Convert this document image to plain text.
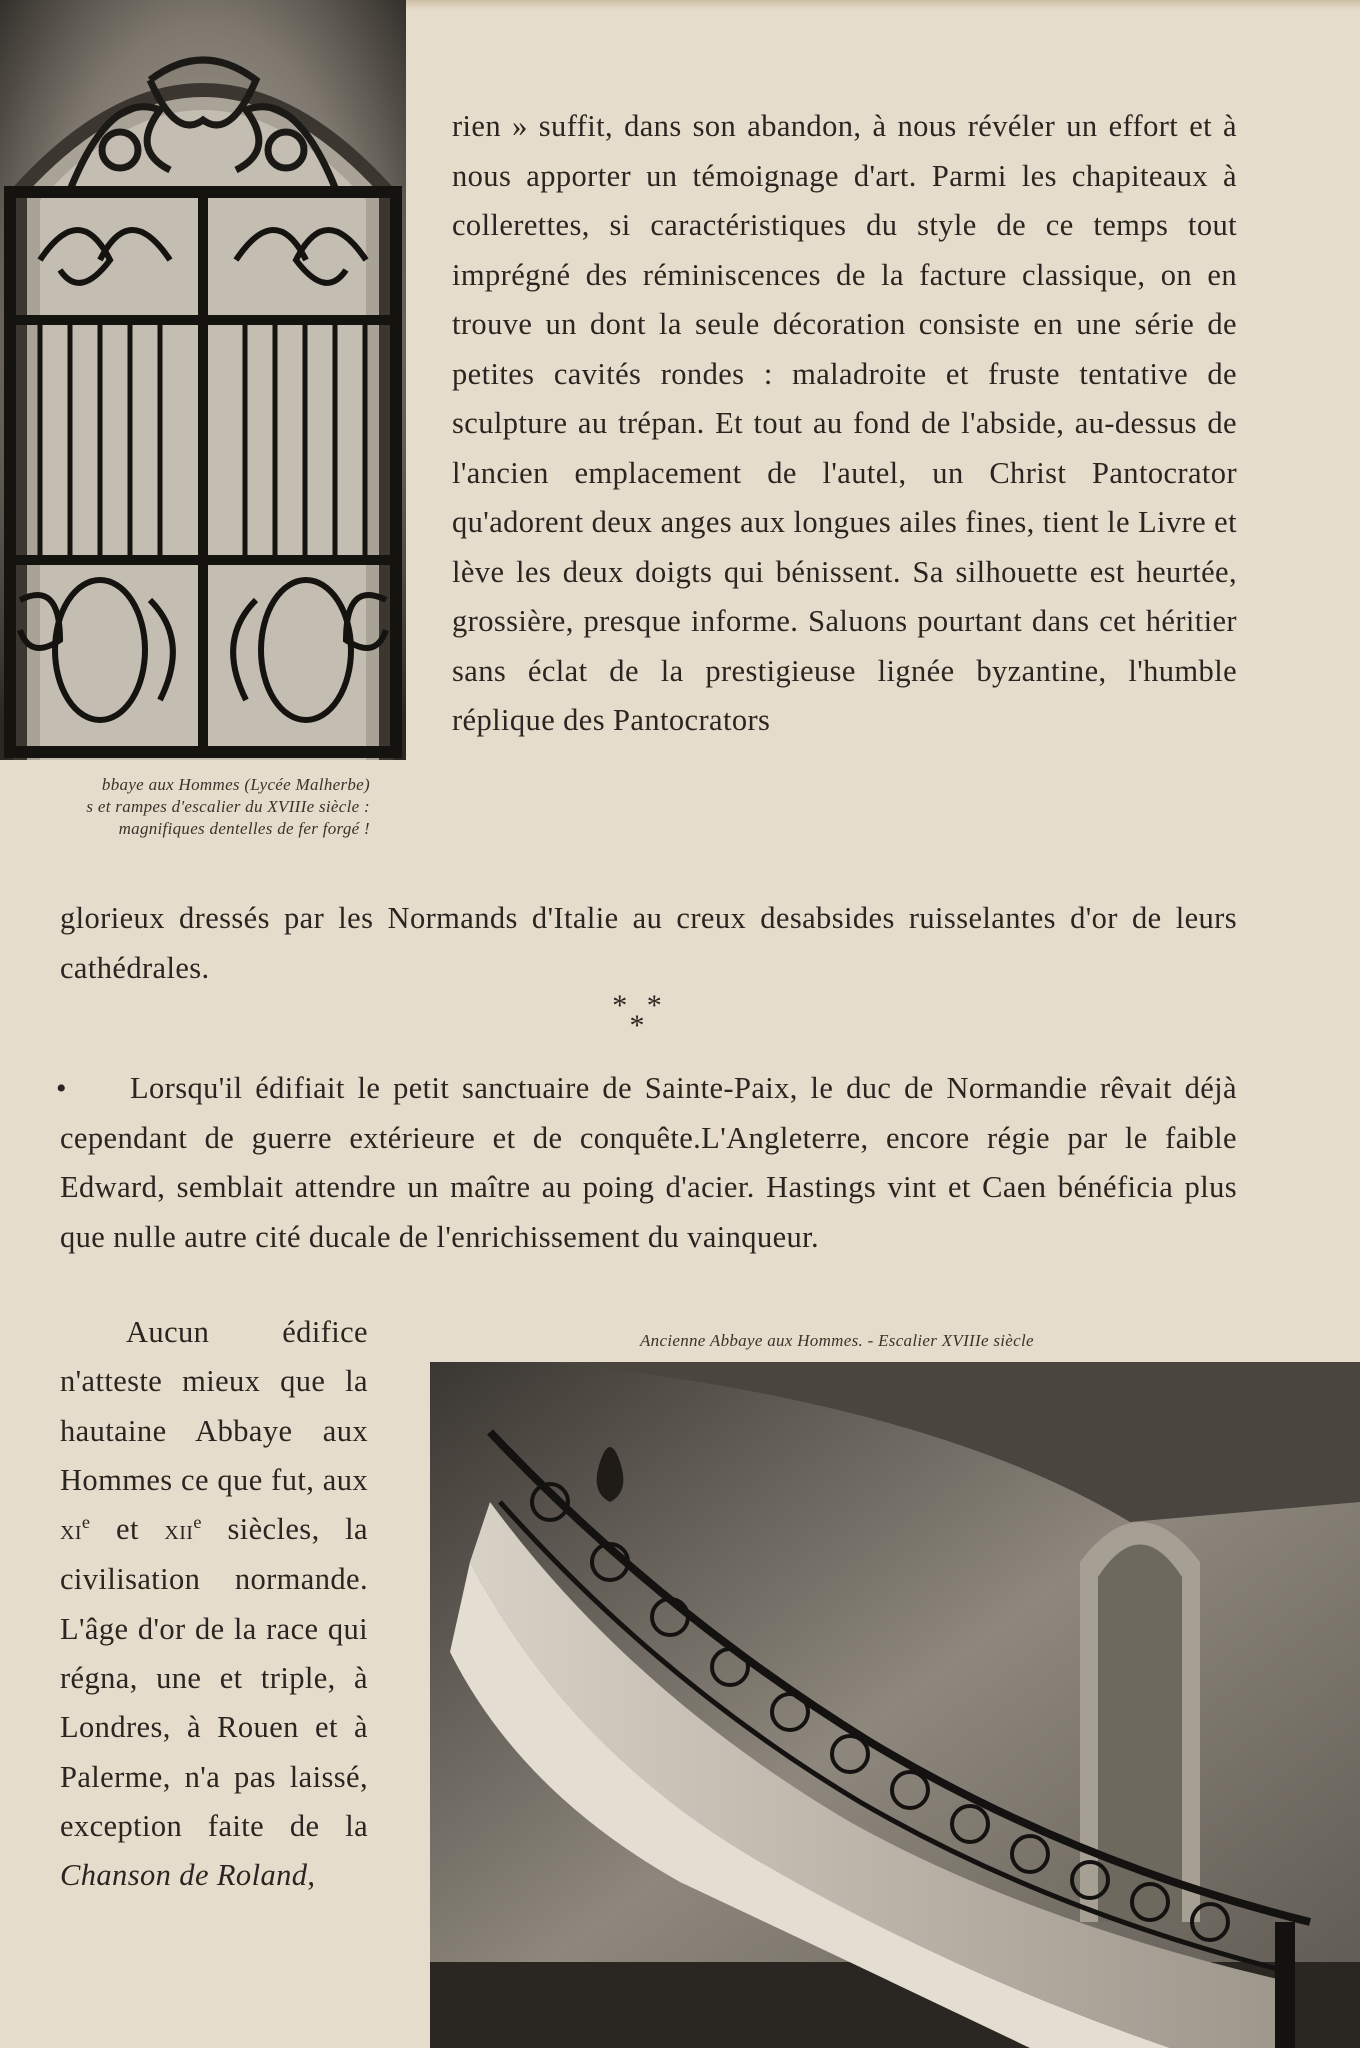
bbaye aux Hommes (Lycée Malherbe)
s et rampes d'escalier du XVIIIe siècle :
magnifiques dentelles de fer forgé !

rien » suffit, dans son abandon, à nous révéler un effort et à nous apporter un témoignage d'art. Parmi les chapiteaux à collerettes, si caractéristiques du style de ce temps tout imprégné des réminiscences de la facture classique, on en trouve un dont la seule décoration consiste en une série de petites cavités rondes : maladroite et fruste tentative de sculpture au trépan. Et tout au fond de l'abside, au-dessus de l'ancien emplacement de l'autel, un Christ Pantocrator qu'adorent deux anges aux longues ailes fines, tient le Livre et lève les deux doigts qui bénissent. Sa silhouette est heurtée, grossière, presque informe. Saluons pourtant dans cet héritier sans éclat de la prestigieuse lignée byzantine, l'humble réplique des Pantocrators

glorieux dressés par les Normands d'Italie au creux desabsides ruisselantes d'or de leurs cathédrales.

* * *
•	Lorsqu'il édifiait le petit sanctuaire de Sainte-Paix, le duc de Normandie rêvait déjà cependant de guerre extérieure et de conquête.L'Angleterre, encore régie par le faible Edward, semblait attendre un maître au poing d'acier. Hastings vint et Caen bénéficia plus que nulle autre cité ducale de l'enrichissement du vainqueur.

Aucun édifice n'atteste mieux que la hautaine Abbaye aux Hommes ce que fut, aux $xi^e$ et xii$^e$ siècles, la civilisation normande. L'âge d'or de la race qui régna, une et triple, à Londres, à Rouen et à Palerme, n'a pas laissé, exception faite de la Chanson de Roland,

Ancienne Abbaye aux Hommes. - Escalier XVIIIe siècle
